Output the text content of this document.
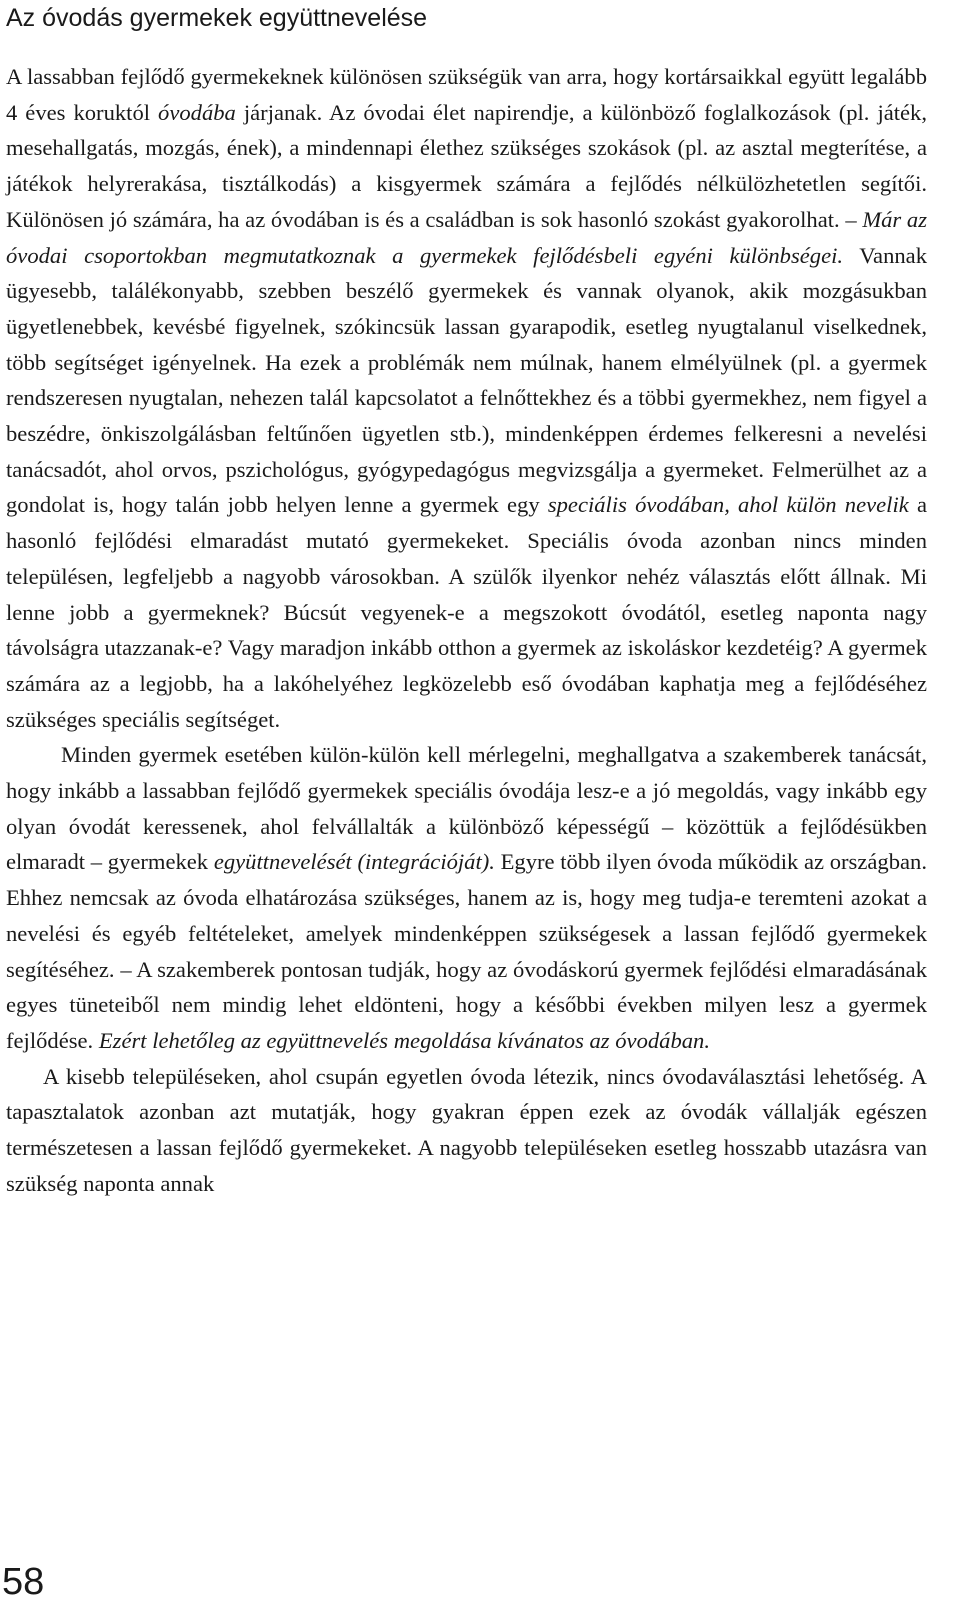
Az óvodás gyermekek együttnevelése

A lassabban fejlődő gyermekeknek különösen szükségük van arra, hogy kortársaikkal együtt legalább 4 éves koruktól óvodába járjanak. Az óvodai élet napirendje, a különböző foglalkozások (pl. játék, mesehallgatás, mozgás, ének), a mindennapi élethez szükséges szokások (pl. az asztal megterítése, a játékok helyrerakása, tisztálkodás) a kisgyermek számára a fejlődés nélkülözhetetlen segítői. Különösen jó számára, ha az óvodában is és a családban is sok hasonló szokást gyakorolhat. – Már az óvodai csoportokban megmutatkoznak a gyermekek fejlődésbeli egyéni különbségei. Vannak ügyesebb, találékonyabb, szebben beszélő gyermekek és vannak olyanok, akik mozgásukban ügyetlenebbek, kevésbé figyelnek, szókincsük lassan gyarapodik, esetleg nyugtalanul viselkednek, több segítséget igényelnek. Ha ezek a problémák nem múlnak, hanem elmélyülnek (pl. a gyermek rendszeresen nyugtalan, nehezen talál kapcsolatot a felnőttekhez és a többi gyermekhez, nem figyel a beszédre, önkiszolgálásban feltűnően ügyetlen stb.), mindenképpen érdemes felkeresni a nevelési tanácsadót, ahol orvos, pszichológus, gyógypedagógus megvizsgálja a gyermeket. Felmerülhet az a gondolat is, hogy talán jobb helyen lenne a gyermek egy speciális óvodában, ahol külön nevelik a hasonló fejlődési elmaradást mutató gyermekeket. Speciális óvoda azonban nincs minden településen, legfeljebb a nagyobb városokban. A szülők ilyenkor nehéz választás előtt állnak. Mi lenne jobb a gyermeknek? Búcsút vegyenek-e a megszokott óvodától, esetleg naponta nagy távolságra utazzanak-e? Vagy maradjon inkább otthon a gyermek az iskoláskor kezdetéig? A gyermek számára az a legjobb, ha a lakóhelyéhez legközelebb eső óvodában kaphatja meg a fejlődéséhez szükséges speciális segítséget.

Minden gyermek esetében külön-külön kell mérlegelni, meghallgatva a szakemberek tanácsát, hogy inkább a lassabban fejlődő gyermekek speciális óvodája lesz-e a jó megoldás, vagy inkább egy olyan óvodát keressenek, ahol felvállalták a különböző képességű – közöttük a fejlődésükben elmaradt – gyermekek együttnevelését (integrációját). Egyre több ilyen óvoda működik az országban. Ehhez nemcsak az óvoda elhatározása szükséges, hanem az is, hogy meg tudja-e teremteni azokat a nevelési és egyéb feltételeket, amelyek mindenképpen szükségesek a lassan fejlődő gyermekek segítéséhez. – A szakemberek pontosan tudják, hogy az óvodáskorú gyermek fejlődési elmaradásának egyes tüneteiből nem mindig lehet eldönteni, hogy a későbbi években milyen lesz a gyermek fejlődése. Ezért lehetőleg az együttnevelés megoldása kívánatos az óvodában.

A kisebb településeken, ahol csupán egyetlen óvoda létezik, nincs óvodaválasztási lehetőség. A tapasztalatok azonban azt mutatják, hogy gyakran éppen ezek az óvodák vállalják egészen természetesen a lassan fejlődő gyermekeket. A nagyobb településeken esetleg hosszabb utazásra van szükség naponta annak

58
